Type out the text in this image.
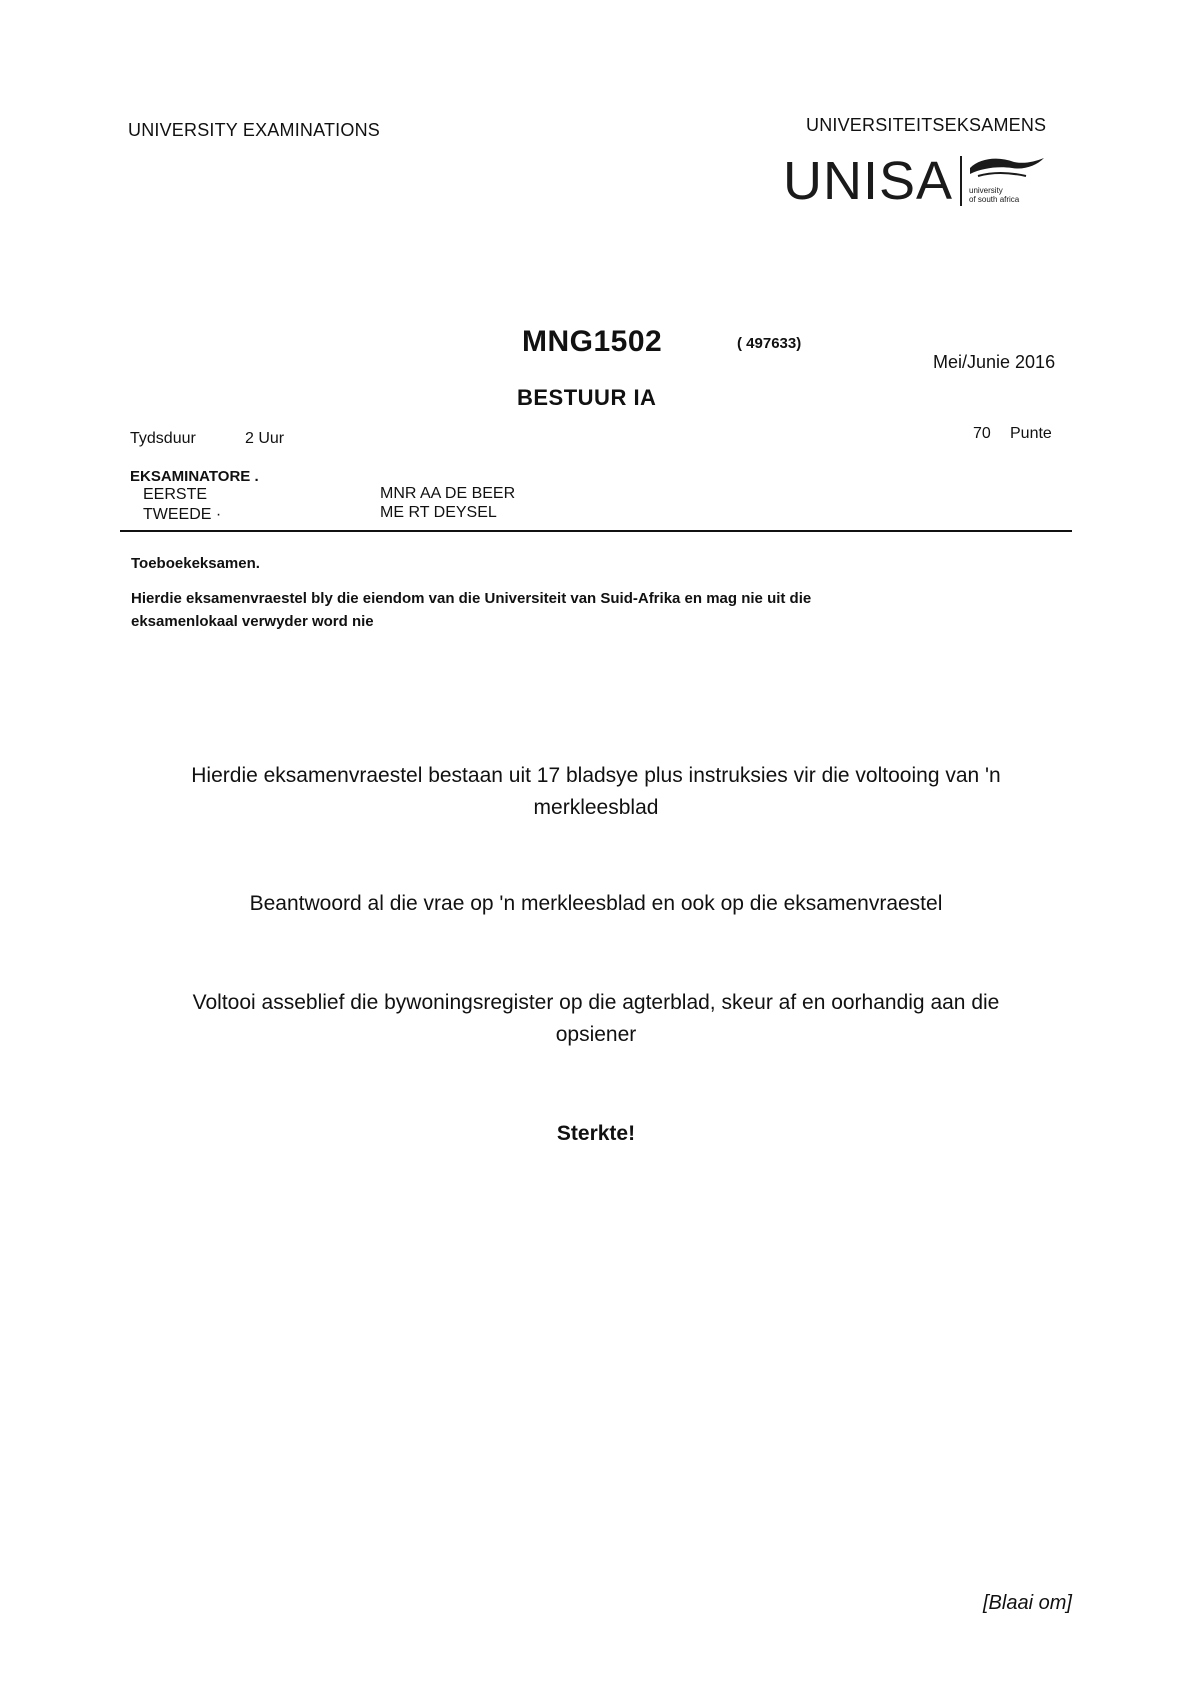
UNIVERSITY EXAMINATIONS	UNIVERSITEITSEKSAMENS
UNISA university
of south africa
MNG1502	( 497633)
Mei/Junie 2016
BESTUUR IA
Tydsduur	2 Uur	70 Punte
EKSAMINATORE .
EERSTE	MNR AA DE BEER
TWEEDE ·	ME RT DEYSEL
Toeboekeksamen.
Hierdie eksamenvraestel bly die eiendom van die Universiteit van Suid-Afrika en mag nie uit die
eksamenlokaal verwyder word nie
Hierdie eksamenvraestel bestaan uit 17 bladsye plus instruksies vir die voltooing van 'n
merkleesblad
Beantwoord al die vrae op 'n merkleesblad en ook op die eksamenvraestel
Voltooi asseblief die bywoningsregister op die agterblad, skeur af en oorhandig aan die
opsiener
Sterkte!
[Blaai om]
